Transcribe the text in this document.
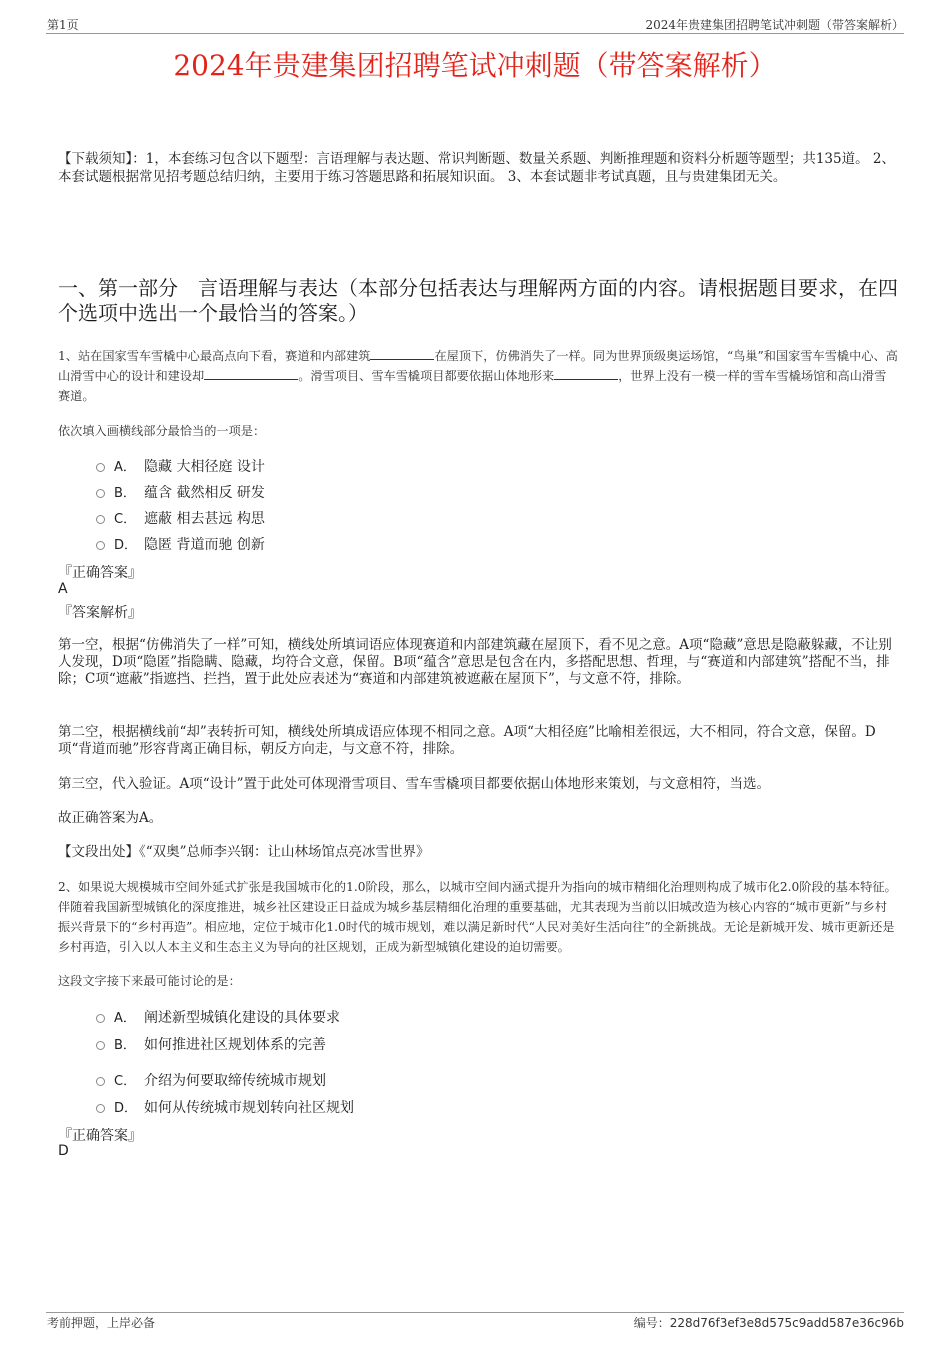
第1页	2024年贵建集团招聘笔试冲刺题（带答案解析）
2024年贵建集团招聘笔试冲刺题（带答案解析）
【下载须知】：1，本套练习包含以下题型：言语理解与表达题、常识判断题、数量关系题、判断推理题和资料分析题等题型；共135道。 2、本套试题根据常见招考题总结归纳，主要用于练习答题思路和拓展知识面。 3、本套试题非考试真题，且与贵建集团无关。
一、第一部分　言语理解与表达（本部分包括表达与理解两方面的内容。请根据题目要求，在四个选项中选出一个最恰当的答案。）
1、站在国家雪车雪橇中心最高点向下看，赛道和内部建筑	在屋顶下，仿佛消失了一样。同为世界顶级奥运场馆，“鸟巢”和国家雪车雪橇中心、高山滑雪中心的设计和建设却	。滑雪项目、雪车雪橇项目都要依据山体地形来	，世界上没有一模一样的雪车雪橇场馆和高山滑雪赛道。
依次填入画横线部分最恰当的一项是：
A． 隐藏 大相径庭 设计
B． 蕴含 截然相反 研发
C． 遮蔽 相去甚远 构思
D． 隐匿 背道而驰 创新
『正确答案』
A
『答案解析』
第一空，根据“仿佛消失了一样”可知，横线处所填词语应体现赛道和内部建筑藏在屋顶下，看不见之意。A项“隐藏”意思是隐蔽躲藏，不让别人发现，D项“隐匿”指隐瞒、隐藏，均符合文意，保留。B项“蕴含”意思是包含在内，多搭配思想、哲理，与“赛道和内部建筑”搭配不当，排除；C项“遮蔽”指遮挡、拦挡，置于此处应表述为“赛道和内部建筑被遮蔽在屋顶下”，与文意不符，排除。
第二空，根据横线前“却”表转折可知，横线处所填成语应体现不相同之意。A项“大相径庭”比喻相差很远，大不相同，符合文意，保留。D项“背道而驰”形容背离正确目标，朝反方向走，与文意不符，排除。
第三空，代入验证。A项“设计”置于此处可体现滑雪项目、雪车雪橇项目都要依据山体地形来策划，与文意相符，当选。
故正确答案为A。
【文段出处】《“双奥”总师李兴钢：让山林场馆点亮冰雪世界》
2、如果说大规模城市空间外延式扩张是我国城市化的1.0阶段，那么，以城市空间内涵式提升为指向的城市精细化治理则构成了城市化2.0阶段的基本特征。伴随着我国新型城镇化的深度推进，城乡社区建设正日益成为城乡基层精细化治理的重要基础，尤其表现为当前以旧城改造为核心内容的“城市更新”与乡村振兴背景下的“乡村再造”。相应地，定位于城市化1.0时代的城市规划，难以满足新时代“人民对美好生活向往”的全新挑战。无论是新城开发、城市更新还是乡村再造，引入以人本主义和生态主义为导向的社区规划，正成为新型城镇化建设的迫切需要。
这段文字接下来最可能讨论的是：
A． 阐述新型城镇化建设的具体要求
B． 如何推进社区规划体系的完善
C． 介绍为何要取缔传统城市规划
D． 如何从传统城市规划转向社区规划
『正确答案』
D
考前押题，上岸必备	编号：228d76f3ef3e8d575c9add587e36c96b
